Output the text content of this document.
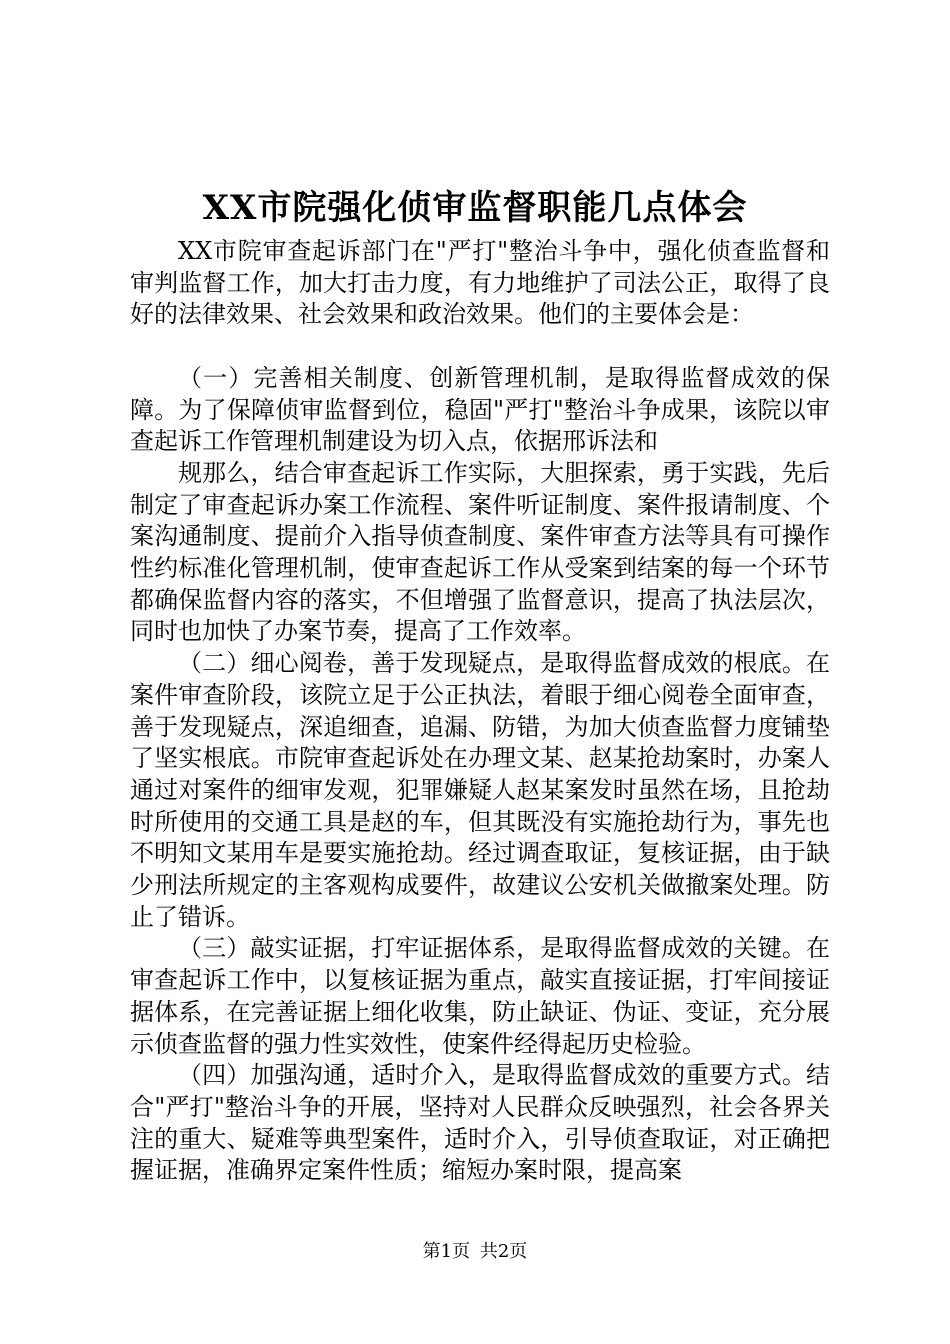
XX市院强化侦审监督职能几点体会

XX市院审查起诉部门在"严打"整治斗争中，强化侦查监督和审判监督工作，加大打击力度，有力地维护了司法公正，取得了良好的法律效果、社会效果和政治效果。他们的主要体会是：

（一）完善相关制度、创新管理机制，是取得监督成效的保障。为了保障侦审监督到位，稳固"严打"整治斗争成果，该院以审查起诉工作管理机制建设为切入点，依据邢诉法和

规那么，结合审查起诉工作实际，大胆探索，勇于实践，先后制定了审查起诉办案工作流程、案件听证制度、案件报请制度、个案沟通制度、提前介入指导侦查制度、案件审查方法等具有可操作性约标准化管理机制，使审查起诉工作从受案到结案的每一个环节都确保监督内容的落实，不但增强了监督意识，提高了执法层次，同时也加快了办案节奏，提高了工作效率。

（二）细心阅卷，善于发现疑点，是取得监督成效的根底。在案件审查阶段，该院立足于公正执法，着眼于细心阅卷全面审查，善于发现疑点，深追细查，追漏、防错，为加大侦查监督力度铺垫了坚实根底。市院审查起诉处在办理文某、赵某抢劫案时，办案人通过对案件的细审发观，犯罪嫌疑人赵某案发时虽然在场，且抢劫时所使用的交通工具是赵的车，但其既没有实施抢劫行为，事先也不明知文某用车是要实施抢劫。经过调查取证，复核证据，由于缺少刑法所规定的主客观构成要件，故建议公安机关做撤案处理。防止了错诉。

（三）敲实证据，打牢证据体系，是取得监督成效的关键。在审查起诉工作中，以复核证据为重点，敲实直接证据，打牢间接证据体系，在完善证据上细化收集，防止缺证、伪证、变证，充分展示侦查监督的强力性实效性，使案件经得起历史检验。

（四）加强沟通，适时介入，是取得监督成效的重要方式。结合"严打"整治斗争的开展，坚持对人民群众反映强烈，社会各界关注的重大、疑难等典型案件，适时介入，引导侦查取证，对正确把握证据，准确界定案件性质；缩短办案时限，提高案

第1页 共2页
